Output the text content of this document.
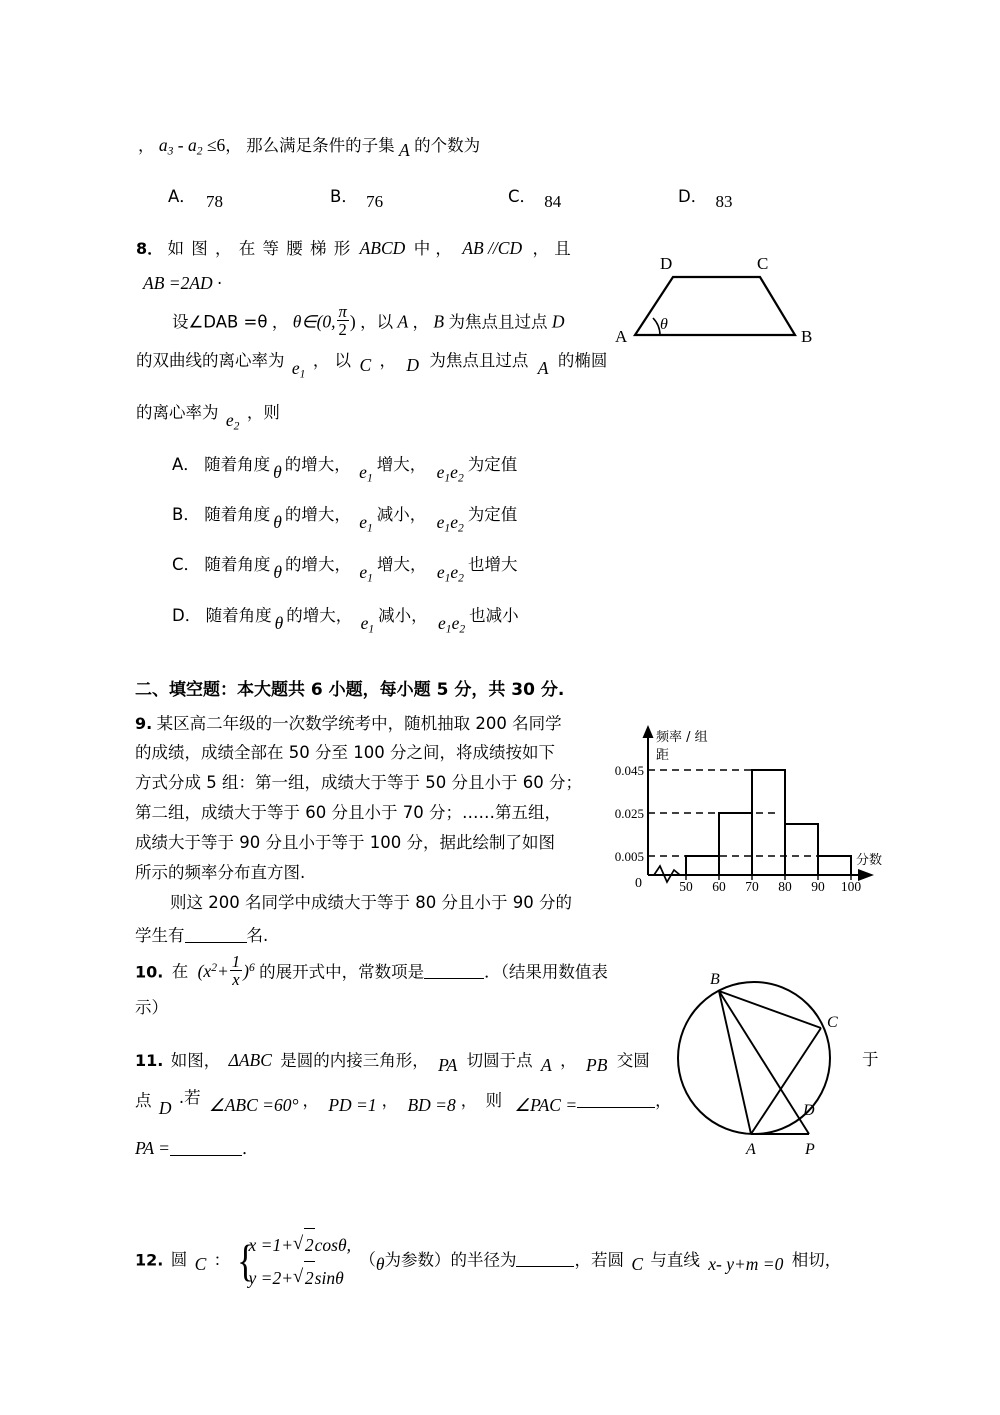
， $a_3 - a_2 \le 6$， 那么满足条件的子集 A 的个数为
A． 78	B． 76	C． 84	D． 83
8． 如 图 ， 在 等 腰 梯 形 ABCD 中 ， AB //CD ， 且
AB =2AD ·
设∠DAB =θ ， θ∈(0, $\frac{\pi}{2}$ ) ，以 A ， B 为焦点且过点 D
的双曲线的离心率为 $e_1$ ， 以 C ， D 为焦点且过点 A 的椭圆
的离心率为 $e_2$ ，则
A	B
C
D
θ
A． 随着角度 θ 的增大， $e_1$增大， $e_1e_2$为定值
B． 随着角度 θ 的增大， $e_1$减小， $e_1e_2$为定值
C． 随着角度 θ 的增大， $e_1$增大， $e_1e_2$也增大
D． 随着角度 θ 的增大， $e_1$减小， $e_1e_2$也减小
二、填空题：本大题共 6 小题，每小题 5 分，共 30 分.
9. 某区高二年级的一次数学统考中，随机抽取 200 名同学
的成绩，成绩全部在 50 分至 100 分之间，将成绩按如下
方式分成 5 组：第一组，成绩大于等于 50 分且小于 60 分；
第二组，成绩大于等于 60 分且小于 70 分；……第五组，
成绩大于等于 90 分且小于等于 100 分，据此绘制了如图
所示的频率分布直方图.
则这 200 名同学中成绩大于等于 80 分且小于 90 分的
学生有	名.
0.005
0.025
0.045
0	50 60 70 80 90 100
频率 / 组
距
分数
10. 在 $(x^2+ \frac{1}{x} )^6$ 的展开式中，常数项是	．（结果用数值表
示）
11. 如图， ΔABC 是圆的内接三角形， PA 切圆于点 A ， PB 交圆	于
点 D .若 ∠ABC =60° ， PD =1 ， BD =8 ， 则 ∠PAC =	，
PA =	．
B
C
A
D
P
12. 圆 C ： {
x =1+ √ 2cosθ,
y =2+ √ 2sinθ
（θ为参数）的半径为	，若圆 C 与直线 x- y+m =0 相切，
